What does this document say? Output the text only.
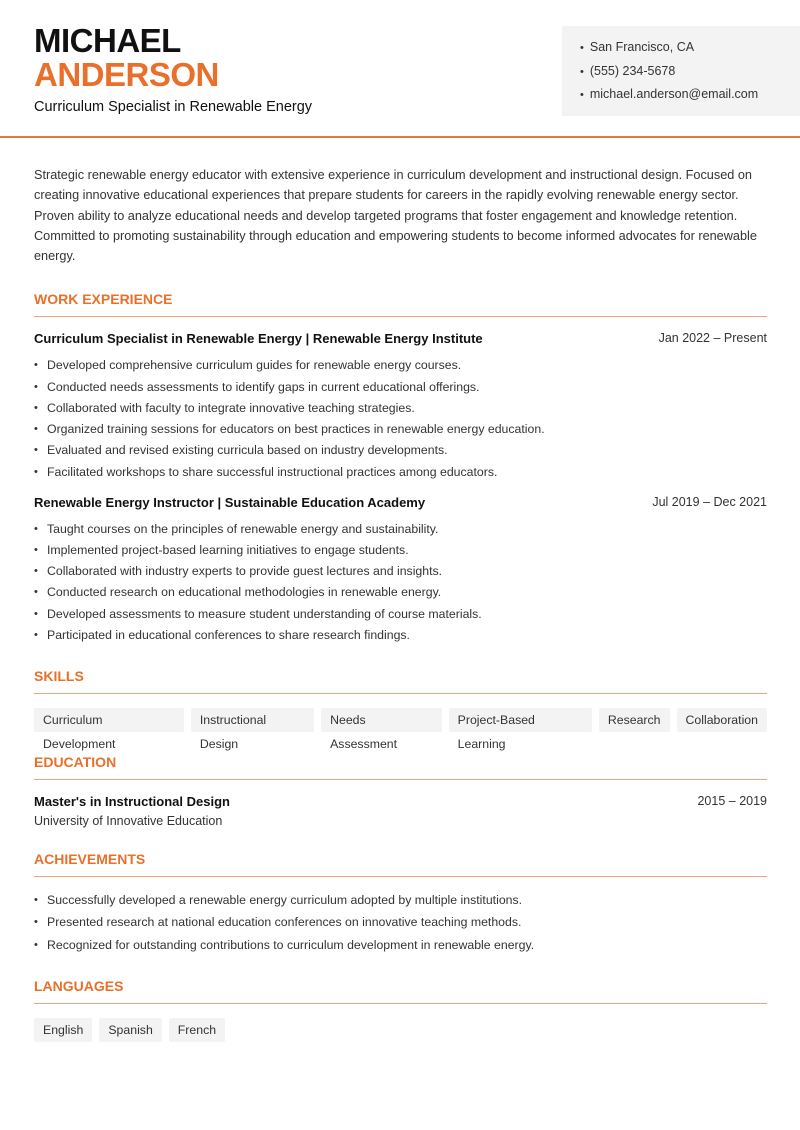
MICHAEL
ANDERSON
Curriculum Specialist in Renewable Energy
• San Francisco, CA
• (555) 234-5678
• michael.anderson@email.com

Strategic renewable energy educator with extensive experience in curriculum development and instructional design. Focused on creating innovative educational experiences that prepare students for careers in the rapidly evolving renewable energy sector. Proven ability to analyze educational needs and develop targeted programs that foster engagement and knowledge retention. Committed to promoting sustainability through education and empowering students to become informed advocates for renewable energy.

WORK EXPERIENCE
Curriculum Specialist in Renewable Energy | Renewable Energy Institute	Jan 2022 – Present
• Developed comprehensive curriculum guides for renewable energy courses.
• Conducted needs assessments to identify gaps in current educational offerings.
• Collaborated with faculty to integrate innovative teaching strategies.
• Organized training sessions for educators on best practices in renewable energy education.
• Evaluated and revised existing curricula based on industry developments.
• Facilitated workshops to share successful instructional practices among educators.
Renewable Energy Instructor | Sustainable Education Academy	Jul 2019 – Dec 2021
• Taught courses on the principles of renewable energy and sustainability.
• Implemented project-based learning initiatives to engage students.
• Collaborated with industry experts to provide guest lectures and insights.
• Conducted research on educational methodologies in renewable energy.
• Developed assessments to measure student understanding of course materials.
• Participated in educational conferences to share research findings.
SKILLS
Curriculum Development
Instructional Design
Needs Assessment
Project-Based Learning
Research	Collaboration
EDUCATION
Master's in Instructional Design	2015 – 2019
University of Innovative Education
ACHIEVEMENTS
• Successfully developed a renewable energy curriculum adopted by multiple institutions.
• Presented research at national education conferences on innovative teaching methods.
• Recognized for outstanding contributions to curriculum development in renewable energy.
LANGUAGES
English	Spanish	French
